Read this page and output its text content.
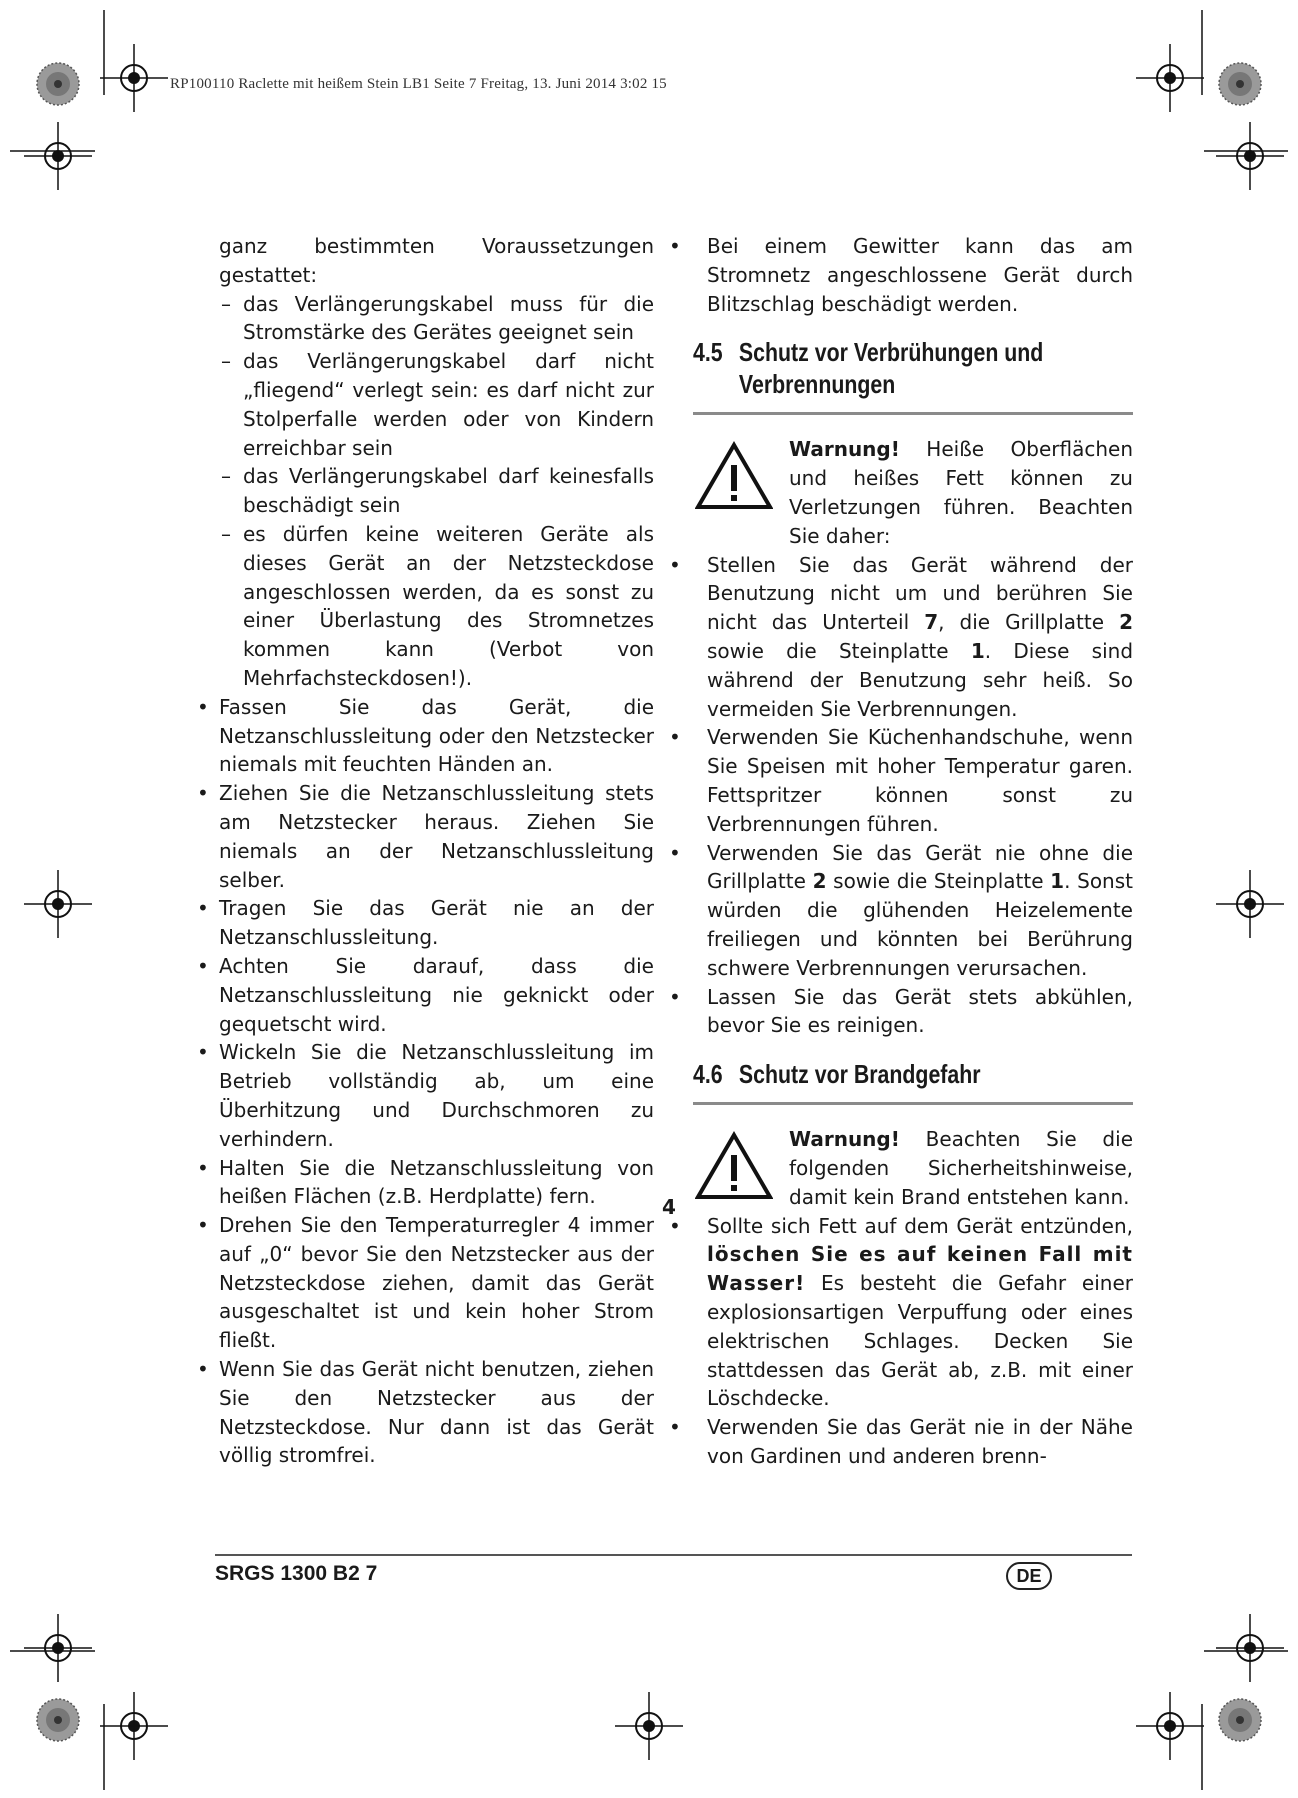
RP100110 Raclette mit heißem Stein LB1 Seite 7 Freitag, 13. Juni 2014 3:02 15
ganz bestimmten Voraussetzungen gestattet:
– das Verlängerungskabel muss für die Stromstärke des Gerätes geeignet sein
– das Verlängerungskabel darf nicht „fliegend“ verlegt sein: es darf nicht zur Stolperfalle werden oder von Kindern erreichbar sein
– das Verlängerungskabel darf keinesfalls beschädigt sein
– es dürfen keine weiteren Geräte als dieses Gerät an der Netzsteckdose angeschlossen werden, da es sonst zu einer Überlastung des Stromnetzes kommen kann (Verbot von Mehrfachsteckdosen!).
• Fassen Sie das Gerät, die Netzanschlussleitung oder den Netzstecker niemals mit feuchten Händen an.
• Ziehen Sie die Netzanschlussleitung stets am Netzstecker heraus. Ziehen Sie niemals an der Netzanschlussleitung selber.
• Tragen Sie das Gerät nie an der Netzanschlussleitung.
• Achten Sie darauf, dass die Netzanschlussleitung nie geknickt oder gequetscht wird.
• Wickeln Sie die Netzanschlussleitung im Betrieb vollständig ab, um eine Überhitzung und Durchschmoren zu verhindern.
• Halten Sie die Netzanschlussleitung von heißen Flächen (z.B. Herdplatte) fern.
• Drehen Sie den Temperaturregler 4 immer auf „0“ bevor Sie den Netzstecker aus der Netzsteckdose ziehen, damit das Gerät ausgeschaltet ist und kein hoher Strom fließt.
• Wenn Sie das Gerät nicht benutzen, ziehen Sie den Netzstecker aus der Netzsteckdose. Nur dann ist das Gerät völlig stromfrei.
4
• Bei einem Gewitter kann das am Stromnetz angeschlossene Gerät durch Blitzschlag beschädigt werden.
4.5 Schutz vor Verbrühungen und
Verbrennungen
Warnung! Heiße Oberflächen und heißes Fett können zu Verletzungen führen. Beachten Sie daher:
• Stellen Sie das Gerät während der Benutzung nicht um und berühren Sie nicht das Unterteil 7, die Grillplatte 2 sowie die Steinplatte 1. Diese sind während der Benutzung sehr heiß. So vermeiden Sie Verbrennungen.
• Verwenden Sie Küchenhandschuhe, wenn Sie Speisen mit hoher Temperatur garen. Fettspritzer können sonst zu Verbrennungen führen.
• Verwenden Sie das Gerät nie ohne die Grillplatte 2 sowie die Steinplatte 1. Sonst würden die glühenden Heizelemente freiliegen und könnten bei Berührung schwere Verbrennungen verursachen.
• Lassen Sie das Gerät stets abkühlen, bevor Sie es reinigen.
4.6 Schutz vor Brandgefahr
Warnung! Beachten Sie die folgenden Sicherheitshinweise, damit kein Brand entstehen kann.
• Sollte sich Fett auf dem Gerät entzünden, löschen Sie es auf keinen Fall mit Wasser! Es besteht die Gefahr einer explosionsartigen Verpuffung oder eines elektrischen Schlages. Decken Sie stattdessen das Gerät ab, z.B. mit einer Löschdecke.
• Verwenden Sie das Gerät nie in der Nähe von Gardinen und anderen brenn-
SRGS 1300 B2 7	DE
